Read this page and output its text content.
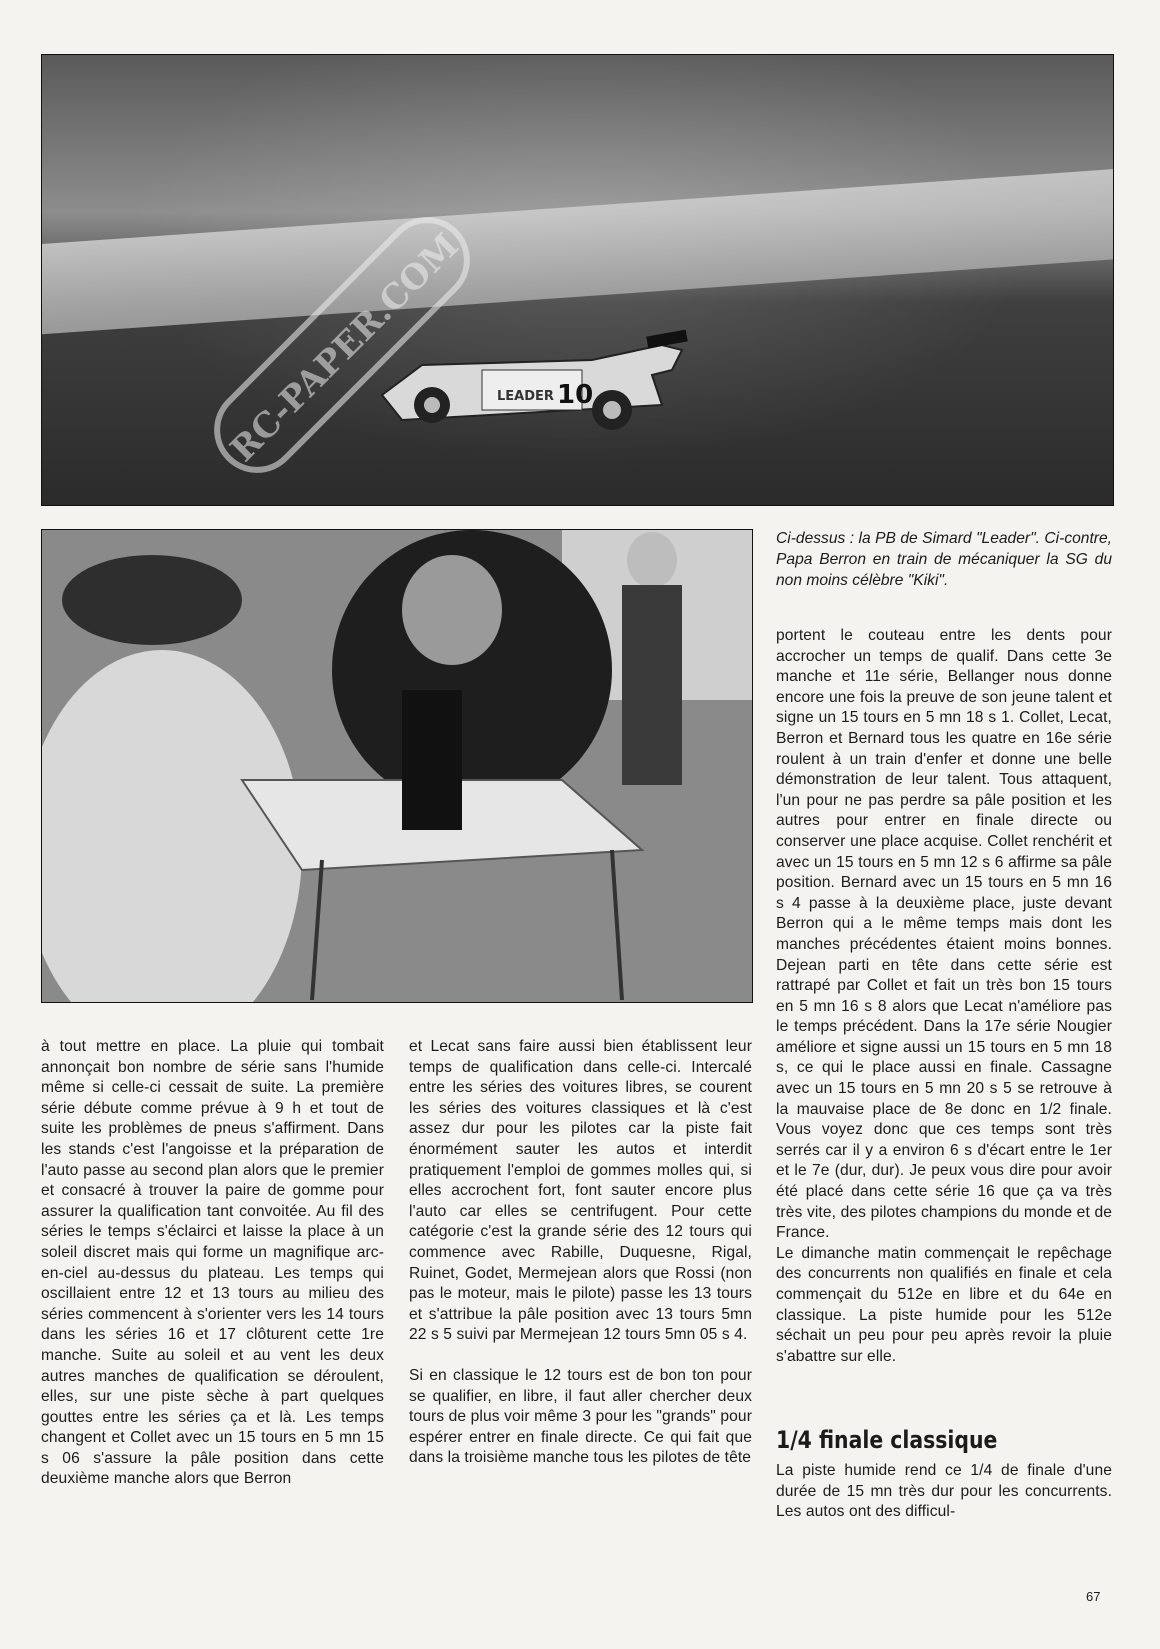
LEADER 10
RC-PAPER.COM
Ci-dessus : la PB de Simard "Leader". Ci-contre, Papa Berron en train de mécaniquer la SG du non moins célèbre "Kiki".

à tout mettre en place. La pluie qui tombait annonçait bon nombre de série sans l'humide même si celle-ci cessait de suite. La première série débute comme prévue à 9 h et tout de suite les problèmes de pneus s'affirment. Dans les stands c'est l'angoisse et la préparation de l'auto passe au second plan alors que le premier et consacré à trouver la paire de gomme pour assurer la qualification tant convoitée. Au fil des séries le temps s'éclairci et laisse la place à un soleil discret mais qui forme un magnifique arc-en-ciel au-dessus du plateau. Les temps qui oscillaient entre 12 et 13 tours au milieu des séries commencent à s'orienter vers les 14 tours dans les séries 16 et 17 clôturent cette 1re manche. Suite au soleil et au vent les deux autres manches de qualification se déroulent, elles, sur une piste sèche à part quelques gouttes entre les séries ça et là. Les temps changent et Collet avec un 15 tours en 5 mn 15 s 06 s'assure la pâle position dans cette deuxième manche alors que Berron

et Lecat sans faire aussi bien établissent leur temps de qualification dans celle-ci. Intercalé entre les séries des voitures libres, se courent les séries des voitures classiques et là c'est assez dur pour les pilotes car la piste fait énormément sauter les autos et interdit pratiquement l'emploi de gommes molles qui, si elles accrochent fort, font sauter encore plus l'auto car elles se centrifugent. Pour cette catégorie c'est la grande série des 12 tours qui commence avec Rabille, Duquesne, Rigal, Ruinet, Godet, Mermejean alors que Rossi (non pas le moteur, mais le pilote) passe les 13 tours et s'attribue la pâle position avec 13 tours 5mn 22 s 5 suivi par Mermejean 12 tours 5mn 05 s 4.

Si en classique le 12 tours est de bon ton pour se qualifier, en libre, il faut aller chercher deux tours de plus voir même 3 pour les "grands" pour espérer entrer en finale directe. Ce qui fait que dans la troisième manche tous les pilotes de tête

portent le couteau entre les dents pour accrocher un temps de qualif. Dans cette 3e manche et 11e série, Bellanger nous donne encore une fois la preuve de son jeune talent et signe un 15 tours en 5 mn 18 s 1. Collet, Lecat, Berron et Bernard tous les quatre en 16e série roulent à un train d'enfer et donne une belle démonstration de leur talent. Tous attaquent, l'un pour ne pas perdre sa pâle position et les autres pour entrer en finale directe ou conserver une place acquise. Collet renchérit et avec un 15 tours en 5 mn 12 s 6 affirme sa pâle position. Bernard avec un 15 tours en 5 mn 16 s 4 passe à la deuxième place, juste devant Berron qui a le même temps mais dont les manches précédentes étaient moins bonnes. Dejean parti en tête dans cette série est rattrapé par Collet et fait un très bon 15 tours en 5 mn 16 s 8 alors que Lecat n'améliore pas le temps précédent. Dans la 17e série Nougier améliore et signe aussi un 15 tours en 5 mn 18 s, ce qui le place aussi en finale. Cassagne avec un 15 tours en 5 mn 20 s 5 se retrouve à la mauvaise place de 8e donc en 1/2 finale. Vous voyez donc que ces temps sont très serrés car il y a environ 6 s d'écart entre le 1er et le 7e (dur, dur). Je peux vous dire pour avoir été placé dans cette série 16 que ça va très très vite, des pilotes champions du monde et de France.

Le dimanche matin commençait le repêchage des concurrents non qualifiés en finale et cela commençait du 512e en libre et du 64e en classique. La piste humide pour les 512e séchait un peu pour peu après revoir la pluie s'abattre sur elle.

1/4 finale classique

La piste humide rend ce 1/4 de finale d'une durée de 15 mn très dur pour les concurrents. Les autos ont des difficul-

67
